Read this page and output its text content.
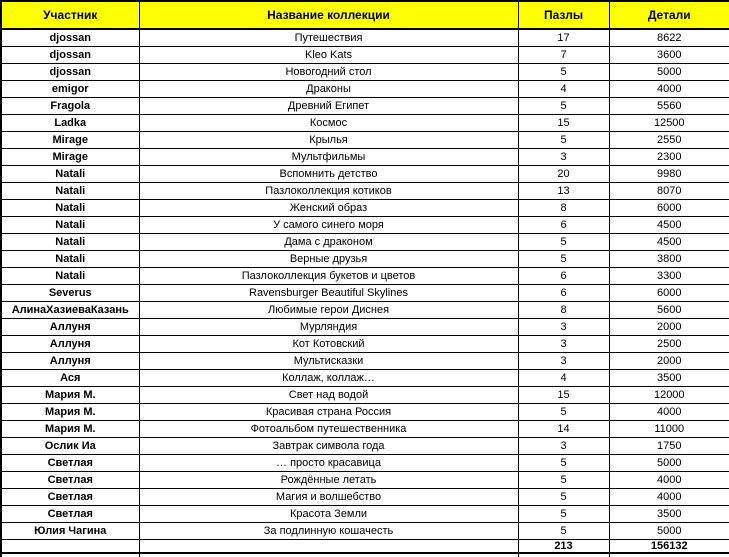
Участник	Название коллекции	Пазлы	Детали
djossan	Путешествия	17	8622
djossan	Kleo Kats	7	3600
djossan	Новогодний стол	5	5000
emigor	Драконы	4	4000
Fragola	Древний Египет	5	5560
Ladka	Космос	15	12500
Mirage	Крылья	5	2550
Mirage	Мультфильмы	3	2300
Natali	Вспомнить детство	20	9980
Natali	Пазлоколлекция котиков	13	8070
Natali	Женский образ	8	6000
Natali	У самого синего моря	6	4500
Natali	Дама с драконом	5	4500
Natali	Верные друзья	5	3800
Natali	Пазлоколлекция букетов и цветов	6	3300
Severus	Ravensburger Beautiful Skylines	6	6000
АлинаХазиеваКазань	Любимые герои Диснея	8	5600
Аллуня	Мурляндия	3	2000
Аллуня	Кот Котовский	3	2500
Аллуня	Мультисказки	3	2000
Ася	Коллаж, коллаж…	4	3500
Мария М.	Свет над водой	15	12000
Мария М.	Красивая страна Россия	5	4000
Мария М.	Фотоальбом путешественника	14	11000
Ослик Иа	Завтрак символа года	3	1750
Светлая	… просто красавица	5	5000
Светлая	Рождённые летать	5	4000
Светлая	Магия и волшебство	5	4000
Светлая	Красота Земли	5	3500
Юлия Чагина	За подлинную кошачесть	5	5000
		213	156132
